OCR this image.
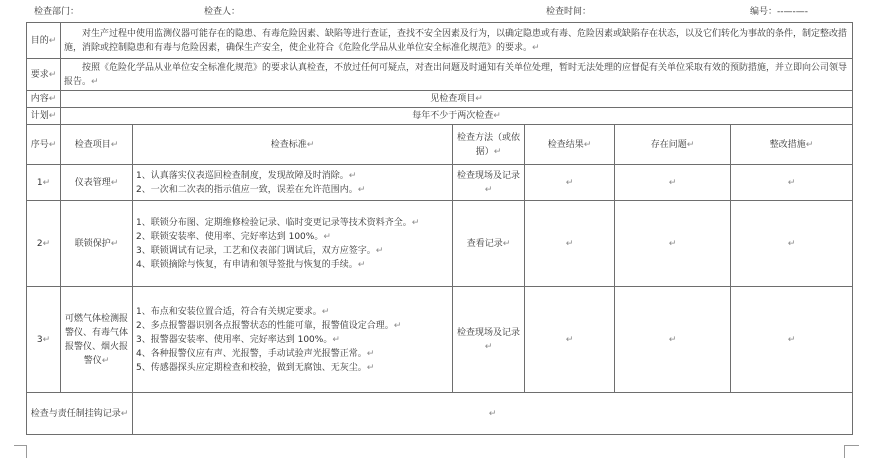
检查部门：	检查人：	检查时间：	编号：--—-—-
目的↵	对生产过程中使用监测仪器可能存在的隐患、有毒危险因素、缺陷等进行查证，查找不安全因素及行为，以确定隐患或有毒、危险因素或缺陷存在状态，以及它们转化为事故的条件，制定整改措施，消除或控制隐患和有毒与危险因素，确保生产安全，使企业符合《危险化学品从业单位安全标准化规范》的要求。↵					
要求↵	按照《危险化学品从业单位安全标准化规范》的要求认真检查，不放过任何可疑点，对查出问题及时通知有关单位处理，暂时无法处理的应督促有关单位采取有效的预防措施，并立即向公司领导报告。↵					
内容↵	见检查项目↵					
计划↵	每年不少于两次检查↵					
序号↵	检查项目↵	检查标准↵	检查方法（或依据）↵	检查结果↵	存在问题↵	整改措施↵
1↵	仪表管理↵	1、认真落实仪表巡回检查制度，发现故障及时消除。↵
2、一次和二次表的指示值应一致，误差在允许范围内。↵	检查现场及记录↵	↵	↵	↵
2↵	联锁保护↵	1、联锁分布图、定期维修检验记录、临时变更记录等技术资料齐全。↵
2、联锁安装率、使用率、完好率达到 100%。↵
3、联锁调试有记录，工艺和仪表部门调试后，双方应签字。↵
4、联锁摘除与恢复，有申请和领导签批与恢复的手续。↵	查看记录↵	↵	↵	↵
3↵	可燃气体检测报警仪、有毒气体报警仪、烟火报警仪↵	1、布点和安装位置合适，符合有关规定要求。↵
2、多点报警器识别各点报警状态的性能可靠，报警值设定合理。↵
3、报警器安装率、使用率、完好率达到 100%。↵
4、各种报警仪应有声、光报警，手动试验声光报警正常。↵
5、传感器探头应定期检查和校验，做到无腐蚀、无灰尘。↵	检查现场及记录↵	↵	↵	↵
检查与责任制挂钩记录↵		↵				
